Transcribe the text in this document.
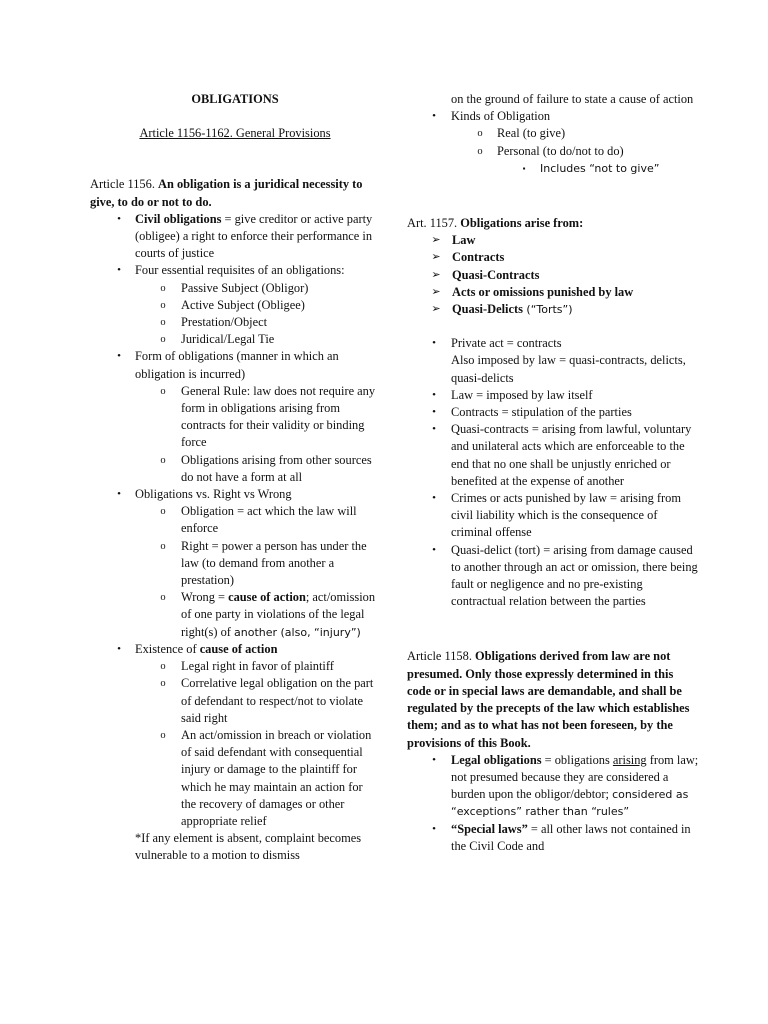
OBLIGATIONS

Article 1156-1162. General Provisions

Article 1156. An obligation is a juridical necessity to give, to do or not to do.

•	Civil obligations = give creditor or active party (obligee) a right to enforce their performance in courts of justice
•	Four essential requisites of an obligations:
o	Passive Subject (Obligor)
o	Active Subject (Obligee)
o	Prestation/Object
o	Juridical/Legal Tie
•	Form of obligations (manner in which an obligation is incurred)
o	General Rule: law does not require any form in obligations arising from contracts for their validity or binding force
o	Obligations arising from other sources do not have a form at all
•	Obligations vs. Right vs Wrong
o	Obligation = act which the law will enforce
o	Right = power a person has under the law (to demand from another a prestation)
o	Wrong = cause of action; act/omission of one party in violations of the legal right(s) of another (also, “injury”)
•	Existence of cause of action
o	Legal right in favor of plaintiff
o	Correlative legal obligation on the part of defendant to respect/not to violate said right
o	An act/omission in breach or violation of said defendant with consequential injury or damage to the plaintiff for which he may maintain an action for the recovery of damages or other appropriate relief

*If any element is absent, complaint becomes vulnerable to a motion to dismiss

on the ground of failure to state a cause of action

•	Kinds of Obligation
o	Real (to give)
o	Personal (to do/not to do)
▪	Includes “not to give”

Art. 1157. Obligations arise from:

➢ Law
➢ Contracts
➢ Quasi-Contracts
➢ Acts or omissions punished by law
➢ Quasi-Delicts (“Torts”)
•	Private act = contracts
Also imposed by law = quasi-contracts, delicts, quasi-delicts
•	Law = imposed by law itself
•	Contracts = stipulation of the parties
•	Quasi-contracts = arising from lawful, voluntary and unilateral acts which are enforceable to the end that no one shall be unjustly enriched or benefited at the expense of another
•	Crimes or acts punished by law = arising from civil liability which is the consequence of criminal offense
•	Quasi-delict (tort) = arising from damage caused to another through an act or omission, there being fault or negligence and no pre-existing contractual relation between the parties

Article 1158. Obligations derived from law are not presumed. Only those expressly determined in this code or in special laws are demandable, and shall be regulated by the precepts of the law which establishes them; and as to what has not been foreseen, by the provisions of this Book.

•	Legal obligations = obligations arising from law; not presumed because they are considered a burden upon the obligor/debtor; considered as “exceptions” rather than “rules”
•	“Special laws” = all other laws not contained in the Civil Code and
